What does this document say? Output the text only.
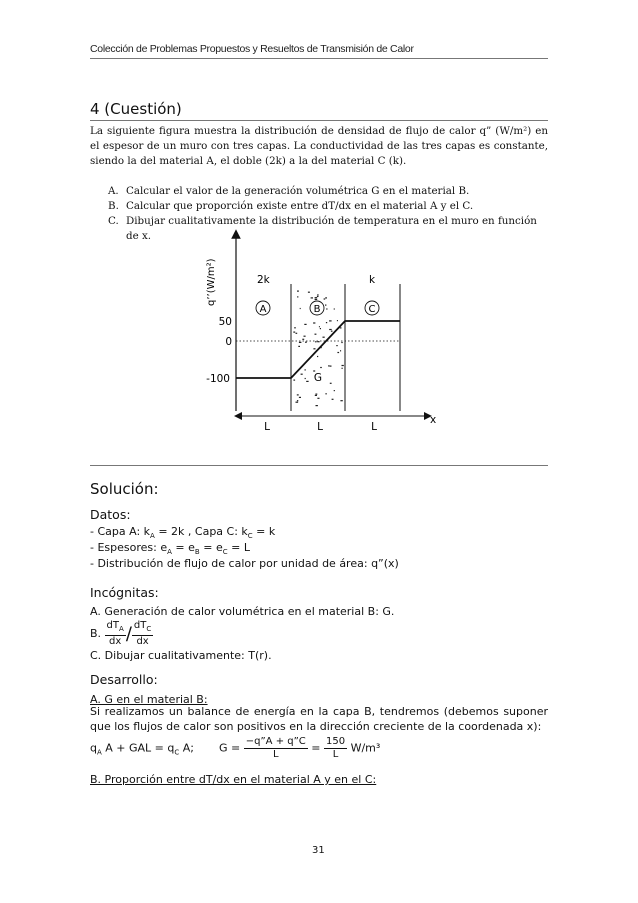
Colección de Problemas Propuestos y Resueltos de Transmisión de Calor
4 (Cuestión)
La siguiente figura muestra la distribución de densidad de flujo de calor q” (W/m²) en el espesor de un muro con tres capas. La conductividad de las tres capas es constante, siendo la del material A, el doble (2k) a la del material C (k).
A. Calcular el valor de la generación volumétrica G en el material B.
B. Calcular que proporción existe entre dT/dx en el material A y el C.
C. Dibujar cualitativamente la distribución de temperatura en el muro en función de x.
q’’(W/m²)
50
0
-100
2k	k
A	B	C
G
L	L	L
x
Solución:
Datos:
- Capa A: $k_A = 2k$ , Capa C: $k_C = k$
- Espesores: $e_A = e_B = e_C = L$
- Distribución de flujo de calor por unidad de área: q”(x)
Incógnitas:
A. Generación de calor volumétrica en el material B: G.
B. $\frac{dT_A}{dx} / \frac{dT_C}{dx}$
C. Dibujar cualitativamente: T(r).
Desarrollo:
A. G en el material B:
Si realizamos un balance de energía en la capa B, tendremos (debemos suponer que los flujos de calor son positivos en la dirección creciente de la coordenada x):
$q_A$ A + GAL = $q_C$ A; $G = \frac{-q”A + q”C}{L} = \frac{150}{L} W/m^3$
B. Proporción entre dT/dx en el material A y en el C:
31
